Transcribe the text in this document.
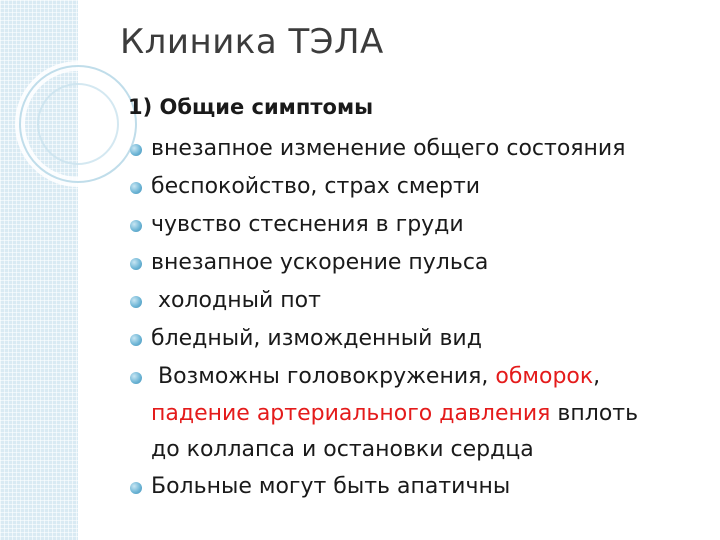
Клиника ТЭЛА
1) Общие симптомы
внезапное изменение общего состояния
беспокойство, страх смерти
чувство стеснения в груди
внезапное ускорение пульса
холодный пот
бледный, изможденный вид
Возможны головокружения, обморок,
падение артериального давления вплоть
до коллапса и остановки сердца
Больные могут быть апатичны
